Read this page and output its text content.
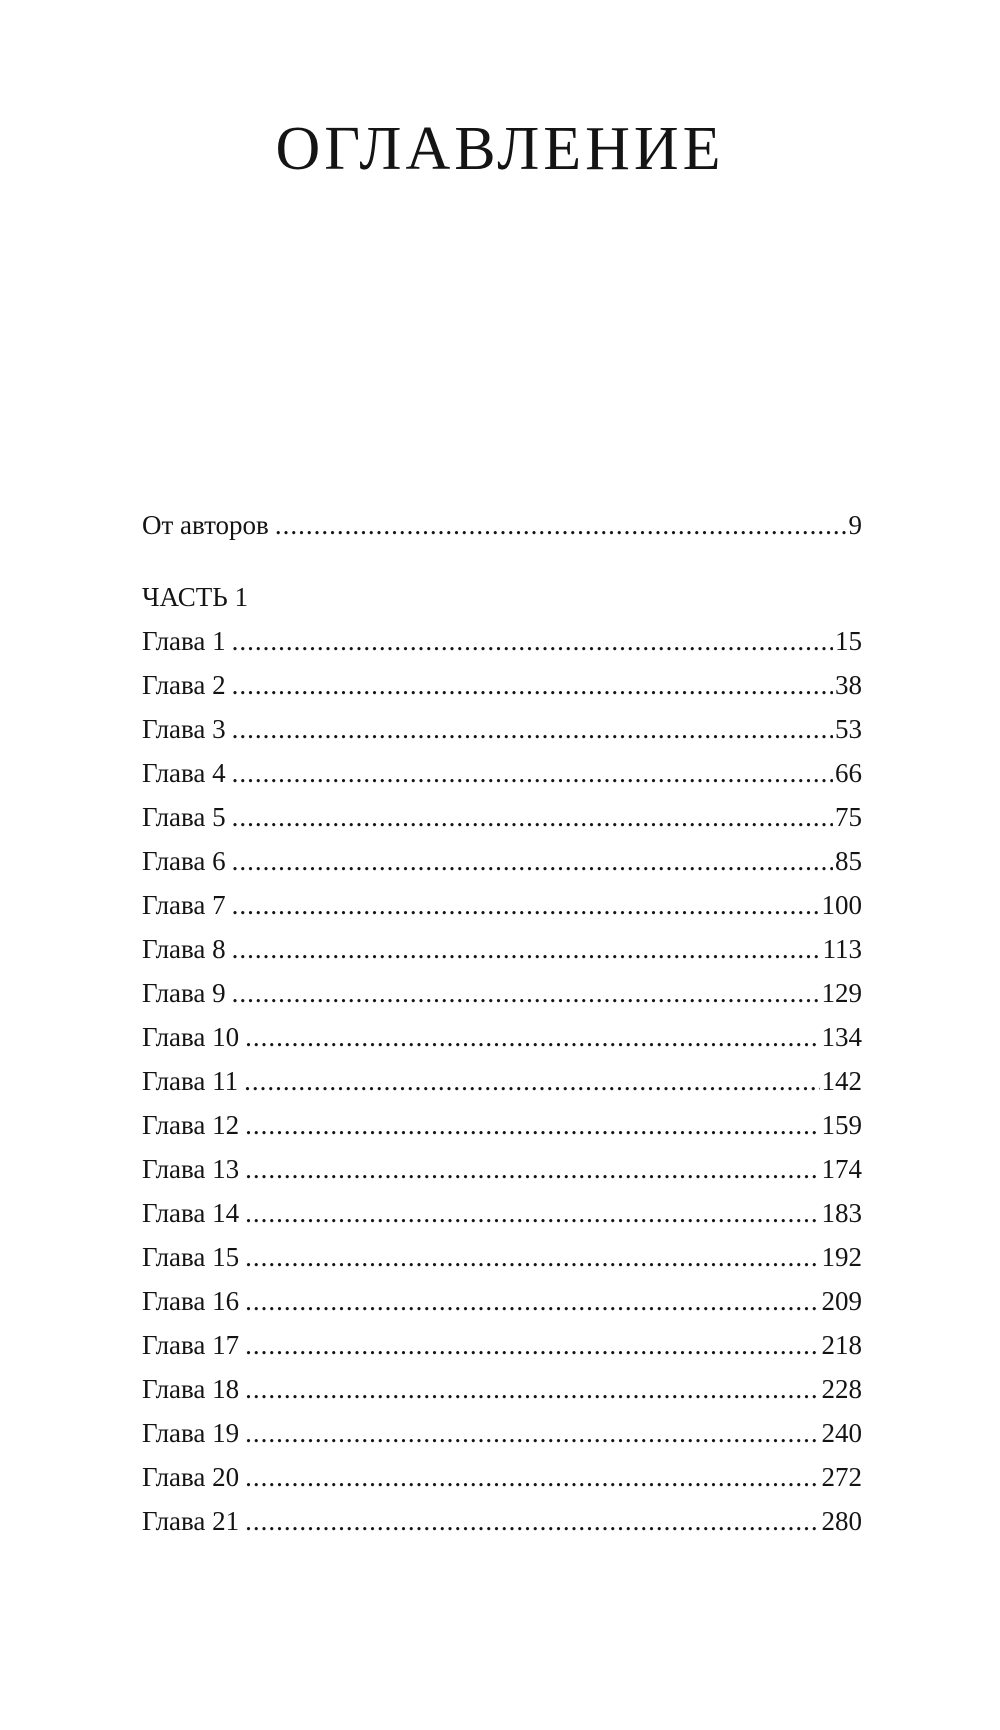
ОГЛАВЛЕНИЕ
От авторов .....	9
ЧАСТЬ 1
Глава 1 .....	15
Глава 2 .....	38
Глава 3 .....	53
Глава 4 .....	66
Глава 5 .....	75
Глава 6 .....	85
Глава 7 .....	100
Глава 8 .....	113
Глава 9 .....	129
Глава 10 .....	134
Глава 11 .....	142
Глава 12 .....	159
Глава 13 .....	174
Глава 14 .....	183
Глава 15 .....	192
Глава 16 .....	209
Глава 17 .....	218
Глава 18 .....	228
Глава 19 .....	240
Глава 20 .....	272
Глава 21 .....	280
